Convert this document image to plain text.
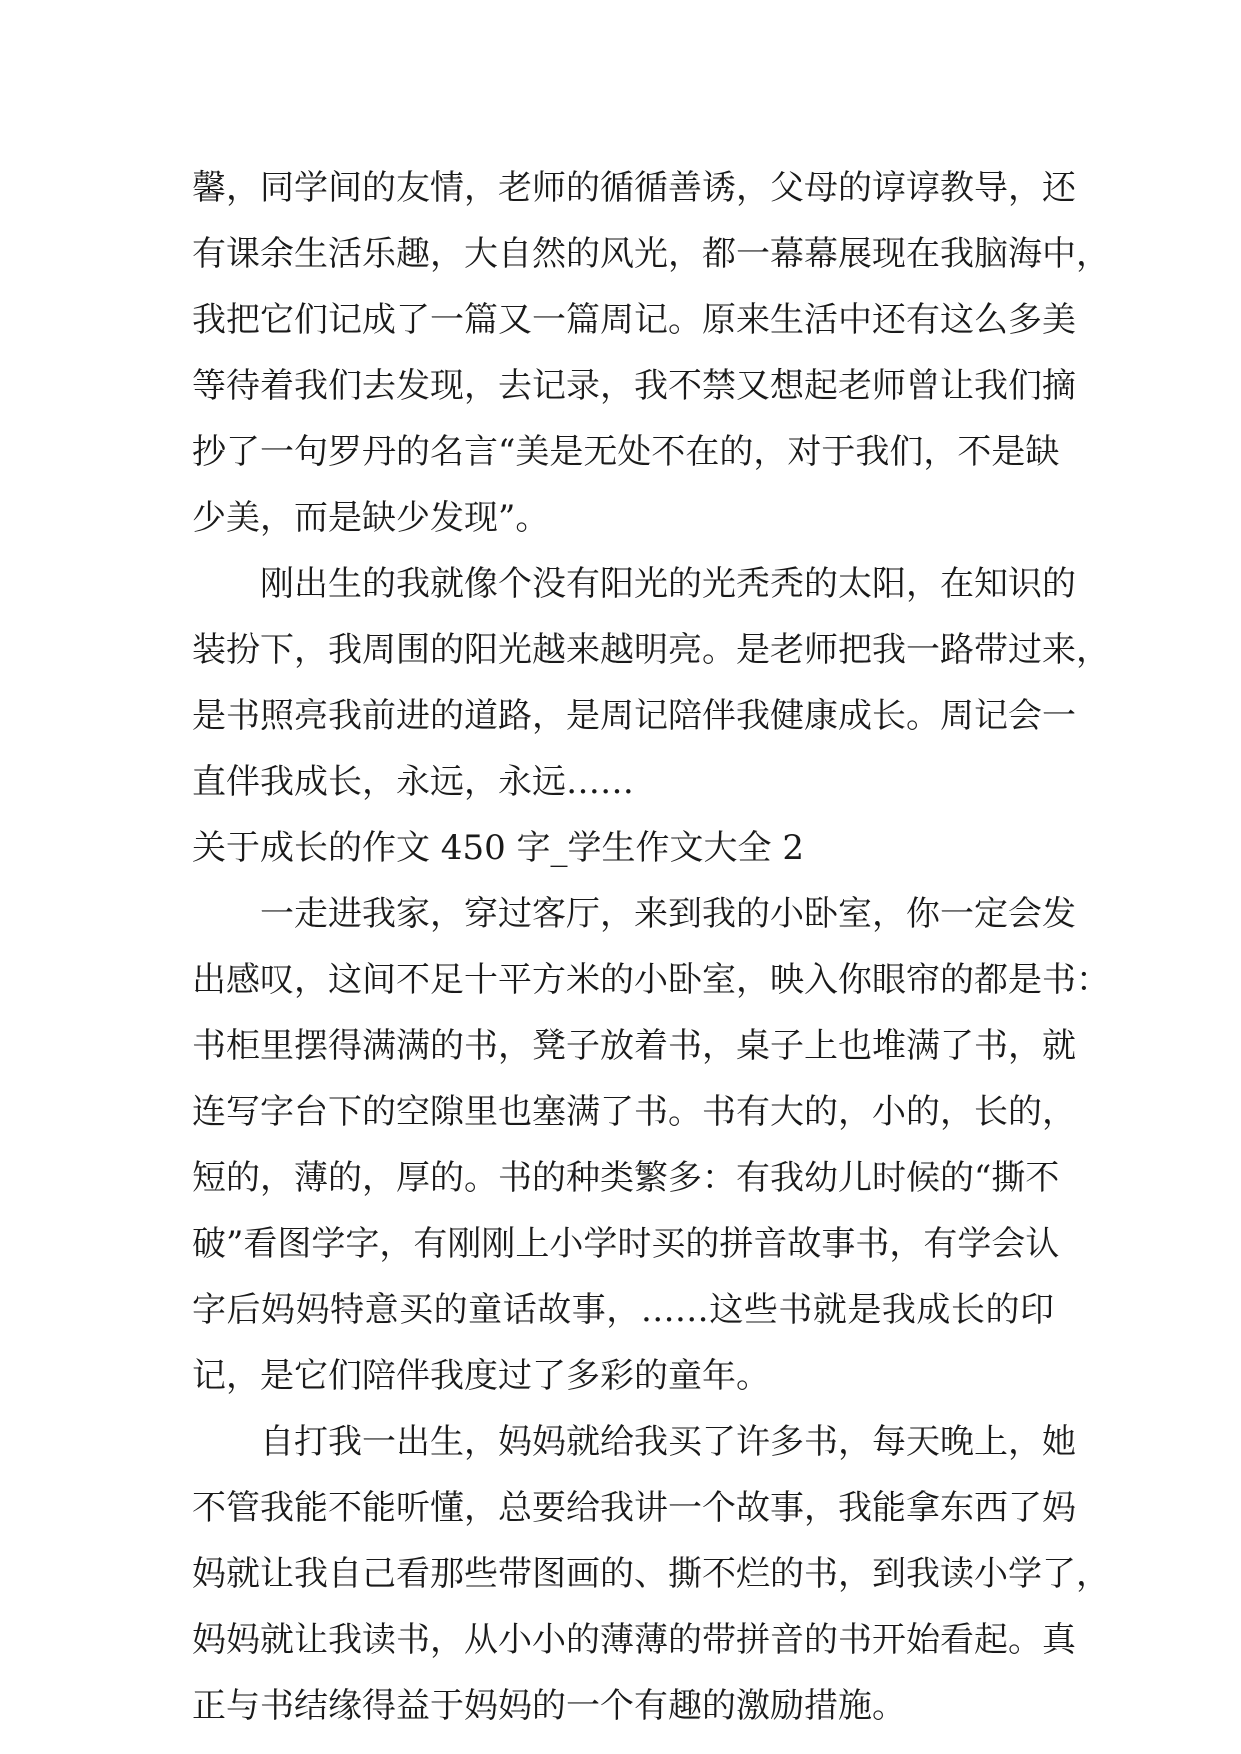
馨，同学间的友情，老师的循循善诱，父母的谆谆教导，还
有课余生活乐趣，大自然的风光，都一幕幕展现在我脑海中，
我把它们记成了一篇又一篇周记。原来生活中还有这么多美
等待着我们去发现，去记录，我不禁又想起老师曾让我们摘
抄了一句罗丹的名言“美是无处不在的，对于我们，不是缺
少美，而是缺少发现”。
刚出生的我就像个没有阳光的光秃秃的太阳，在知识的
装扮下，我周围的阳光越来越明亮。是老师把我一路带过来，
是书照亮我前进的道路，是周记陪伴我健康成长。周记会一
直伴我成长，永远，永远……
关于成长的作文 450 字_学生作文大全 2
一走进我家，穿过客厅，来到我的小卧室，你一定会发
出感叹，这间不足十平方米的小卧室，映入你眼帘的都是书：
书柜里摆得满满的书，凳子放着书，桌子上也堆满了书，就
连写字台下的空隙里也塞满了书。书有大的，小的，长的，
短的，薄的，厚的。书的种类繁多：有我幼儿时候的“撕不
破”看图学字，有刚刚上小学时买的拼音故事书，有学会认
字后妈妈特意买的童话故事，……这些书就是我成长的印
记，是它们陪伴我度过了多彩的童年。
自打我一出生，妈妈就给我买了许多书，每天晚上，她
不管我能不能听懂，总要给我讲一个故事，我能拿东西了妈
妈就让我自己看那些带图画的、撕不烂的书，到我读小学了，
妈妈就让我读书，从小小的薄薄的带拼音的书开始看起。真
正与书结缘得益于妈妈的一个有趣的激励措施。
